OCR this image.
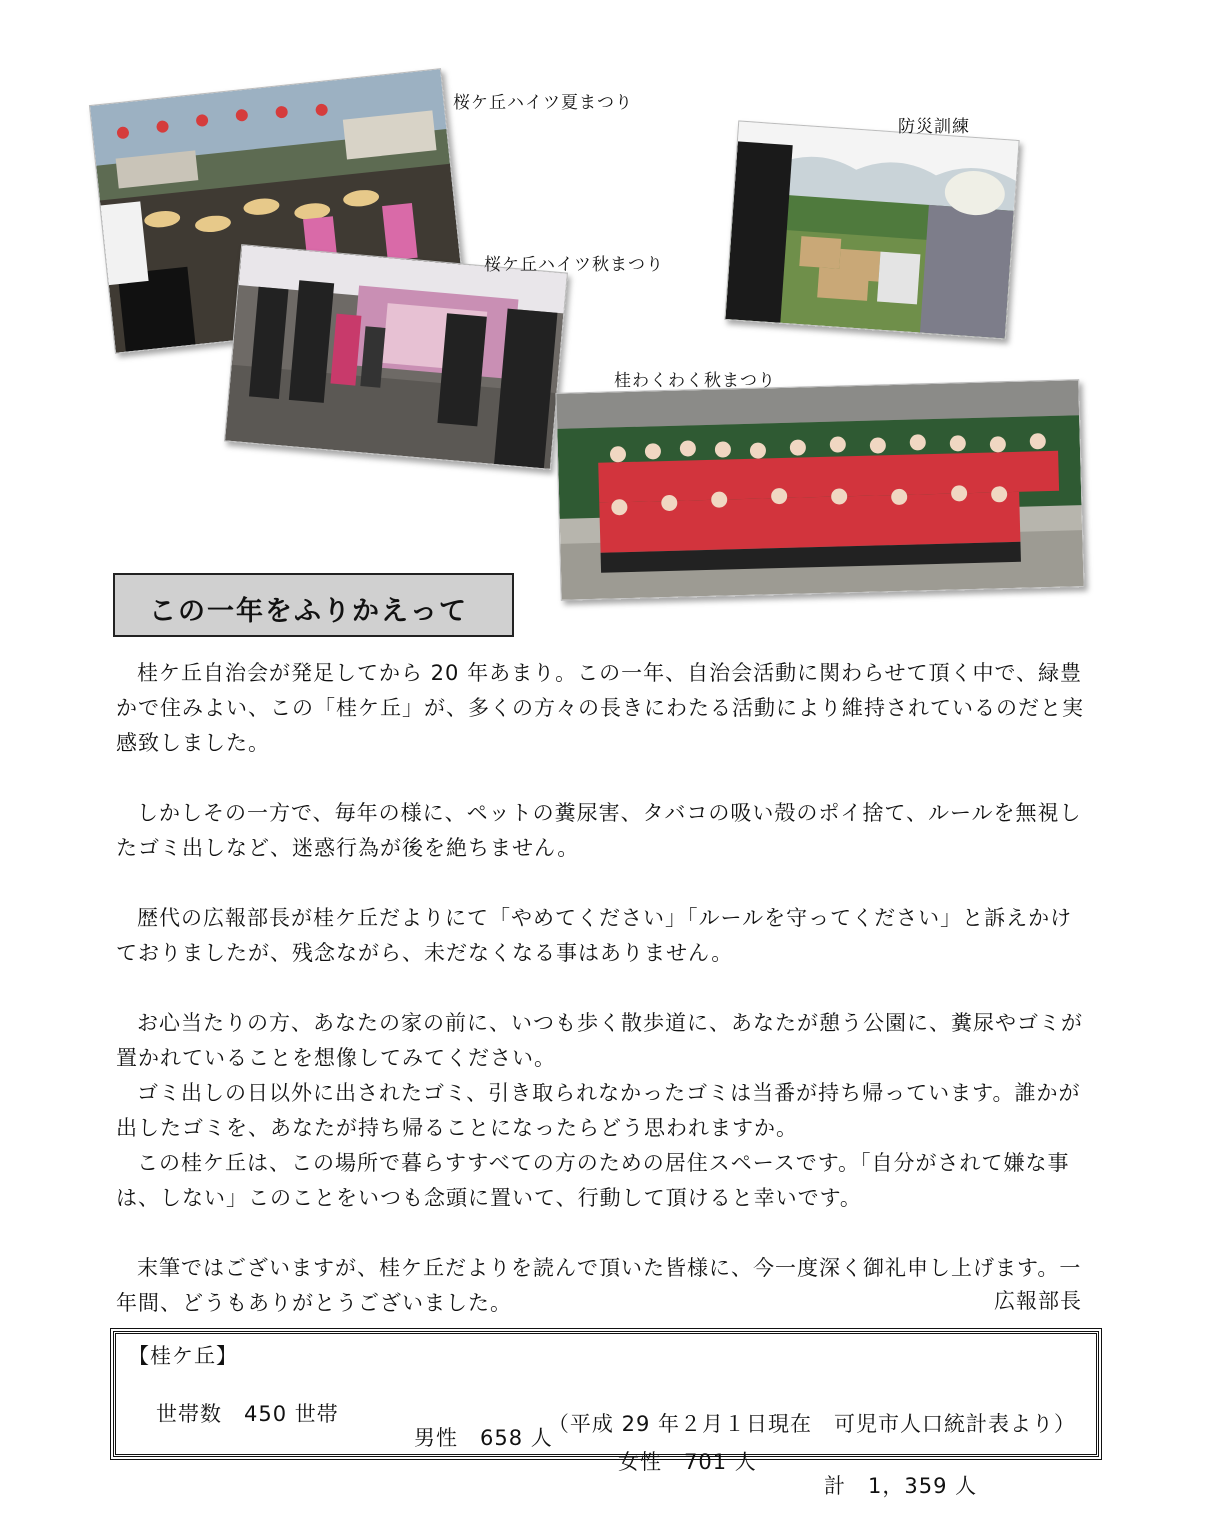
桜ケ丘ハイツ夏まつり
防災訓練
桜ケ丘ハイツ秋まつり
桂わくわく秋まつり
この一年をふりかえって

桂ケ丘自治会が発足してから 20 年あまり。この一年、自治会活動に関わらせて頂く中で、緑豊かで住みよい、この「桂ケ丘」が、多くの方々の長きにわたる活動により維持されているのだと実感致しました。

しかしその一方で、毎年の様に、ペットの糞尿害、タバコの吸い殻のポイ捨て、ルールを無視したゴミ出しなど、迷惑行為が後を絶ちません。

歴代の広報部長が桂ケ丘だよりにて「やめてください」「ルールを守ってください」と訴えかけておりましたが、残念ながら、未だなくなる事はありません。

お心当たりの方、あなたの家の前に、いつも歩く散歩道に、あなたが憩う公園に、糞尿やゴミが置かれていることを想像してみてください。

ゴミ出しの日以外に出されたゴミ、引き取られなかったゴミは当番が持ち帰っています。誰かが出したゴミを、あなたが持ち帰ることになったらどう思われますか。

この桂ケ丘は、この場所で暮らすすべての方のための居住スペースです。「自分がされて嫌な事は、しない」このことをいつも念頭に置いて、行動して頂けると幸いです。

末筆ではございますが、桂ケ丘だよりを読んで頂いた皆様に、今一度深く御礼申し上げます。一年間、どうもありがとうございました。	広報部長
【桂ケ丘】

世帯数　450 世帯

男性　658 人

女性　701 人

計　1，359 人

（平成 29 年２月１日現在　可児市人口統計表より）
